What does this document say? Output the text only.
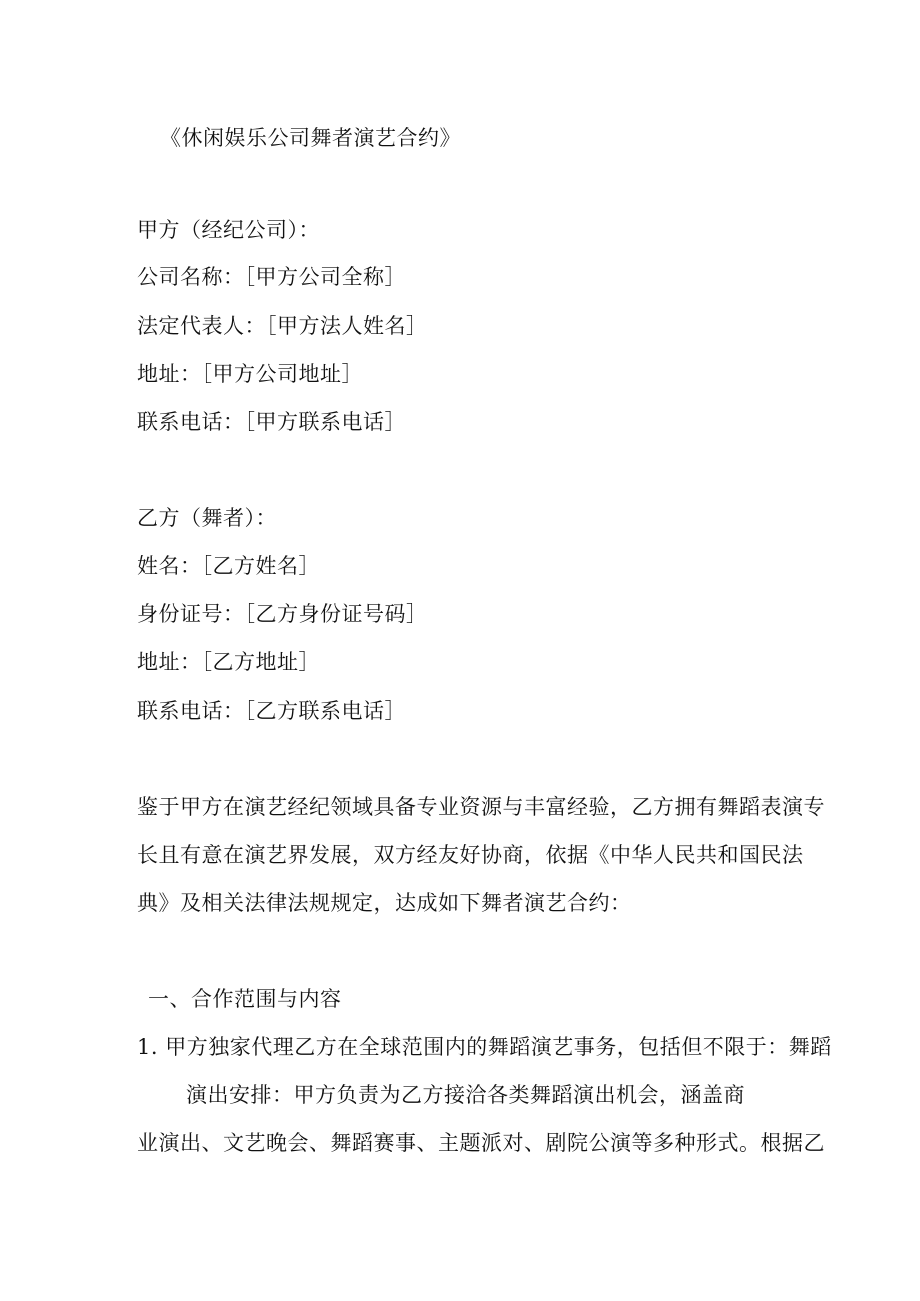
《休闲娱乐公司舞者演艺合约》
甲方（经纪公司）：
公司名称：［甲方公司全称］
法定代表人：［甲方法人姓名］
地址：［甲方公司地址］
联系电话：［甲方联系电话］
乙方（舞者）：
姓名：［乙方姓名］
身份证号：［乙方身份证号码］
地址：［乙方地址］
联系电话：［乙方联系电话］
鉴于甲方在演艺经纪领域具备专业资源与丰富经验，乙方拥有舞蹈表演专
长且有意在演艺界发展，双方经友好协商，依据《中华人民共和国民法
典》及相关法律法规规定，达成如下舞者演艺合约：
一、合作范围与内容
1. 甲方独家代理乙方在全球范围内的舞蹈演艺事务，包括但不限于：舞蹈
演出安排：甲方负责为乙方接洽各类舞蹈演出机会，涵盖商
业演出、文艺晚会、舞蹈赛事、主题派对、剧院公演等多种形式。根据乙
